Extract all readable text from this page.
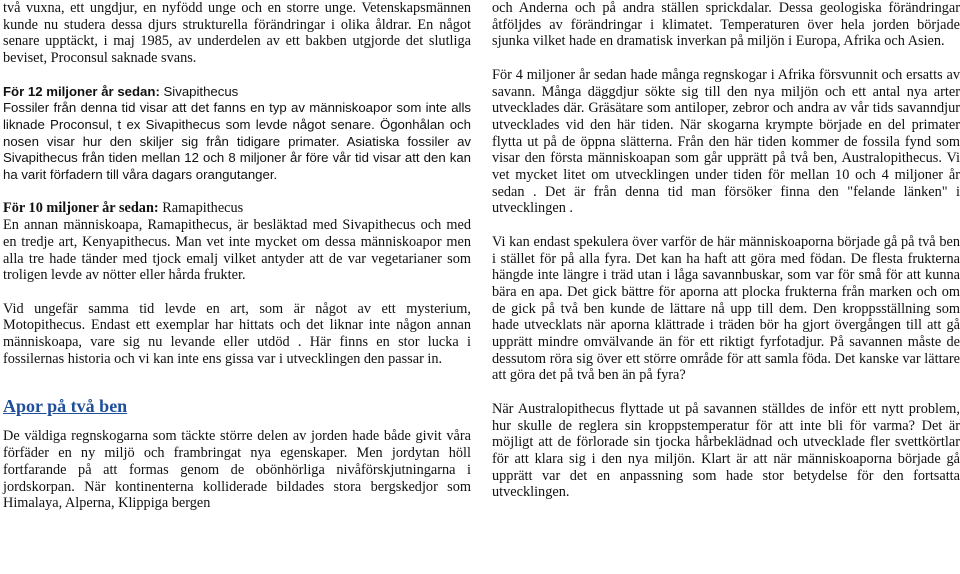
två vuxna, ett ungdjur, en nyfödd unge och en storre unge. Vetenskapsmännen kunde nu studera dessa djurs strukturella förändringar i olika åldrar. En något senare upptäckt, i maj 1985, av underdelen av ett bakben utgjorde det slutliga beviset, Proconsul saknade svans.

För 12 miljoner år sedan: Sivapithecus

Fossiler från denna tid visar att det fanns en typ av människoapor som inte alls liknade Proconsul, t ex Sivapithecus som levde något senare. Ögonhålan och nosen visar hur den skiljer sig från tidigare primater. Asiatiska fossiler av Sivapithecus från tiden mellan 12 och 8 miljoner år före vår tid visar att den kan ha varit förfadern till våra dagars orangutanger.

För 10 miljoner år sedan: Ramapithecus

En annan människoapa, Ramapithecus, är besläktad med Sivapithecus och med en tredje art, Kenyapithecus. Man vet inte mycket om dessa människoapor men alla tre hade tänder med tjock emalj vilket antyder att de var vegetarianer som troligen levde av nötter eller hårda frukter.

Vid ungefär samma tid levde en art, som är något av ett mysterium, Motopithecus. Endast ett exemplar har hittats och det liknar inte någon annan människoapa, vare sig nu levande eller utdöd . Här finns en stor lucka i fossilernas historia och vi kan inte ens gissa var i utvecklingen den passar in.

Apor på två ben

De väldiga regnskogarna som täckte större delen av jorden hade både givit våra förfäder en ny miljö och frambringat nya egenskaper. Men jordytan höll fortfarande på att formas genom de obönhörliga nivåförskjutningarna i jordskorpan. När kontinenterna kolliderade bildades stora bergskedjor som Himalaya, Alperna, Klippiga bergen

och Anderna och på andra ställen sprickdalar. Dessa geologiska förändringar åtföljdes av förändringar i klimatet. Temperaturen över hela jorden började sjunka vilket hade en dramatisk inverkan på miljön i Europa, Afrika och Asien.

För 4 miljoner år sedan hade många regnskogar i Afrika försvunnit och ersatts av savann. Många däggdjur sökte sig till den nya miljön och ett antal nya arter utvecklades där. Gräsätare som antiloper, zebror och andra av vår tids savanndjur utvecklades vid den här tiden. När skogarna krympte började en del primater flytta ut på de öppna slätterna. Från den här tiden kommer de fossila fynd som visar den första människoapan som går upprätt på två ben, Australopithecus. Vi vet mycket litet om utvecklingen under tiden för mellan 10 och 4 miljoner år sedan . Det är från denna tid man försöker finna den "felande länken" i utvecklingen .

Vi kan endast spekulera över varför de här människoaporna började gå på två ben i stället för på alla fyra. Det kan ha haft att göra med födan. De flesta frukterna hängde inte längre i träd utan i låga savannbuskar, som var för små för att kunna bära en apa. Det gick bättre för aporna att plocka frukterna från marken och om de gick på två ben kunde de lättare nå upp till dem. Den kroppsställning som hade utvecklats när aporna klättrade i träden bör ha gjort övergången till att gå upprätt mindre omvälvande än för ett riktigt fyrfotadjur. På savannen måste de dessutom röra sig över ett större område för att samla föda. Det kanske var lättare att göra det på två ben än på fyra?

När Australopithecus flyttade ut på savannen ställdes de inför ett nytt problem, hur skulle de reglera sin kroppstemperatur för att inte bli för varma? Det är möjligt att de förlorade sin tjocka hårbeklädnad och utvecklade fler svettkörtlar för att klara sig i den nya miljön. Klart är att när människoaporna började gå upprätt var det en anpassning som hade stor betydelse för den fortsatta utvecklingen.
